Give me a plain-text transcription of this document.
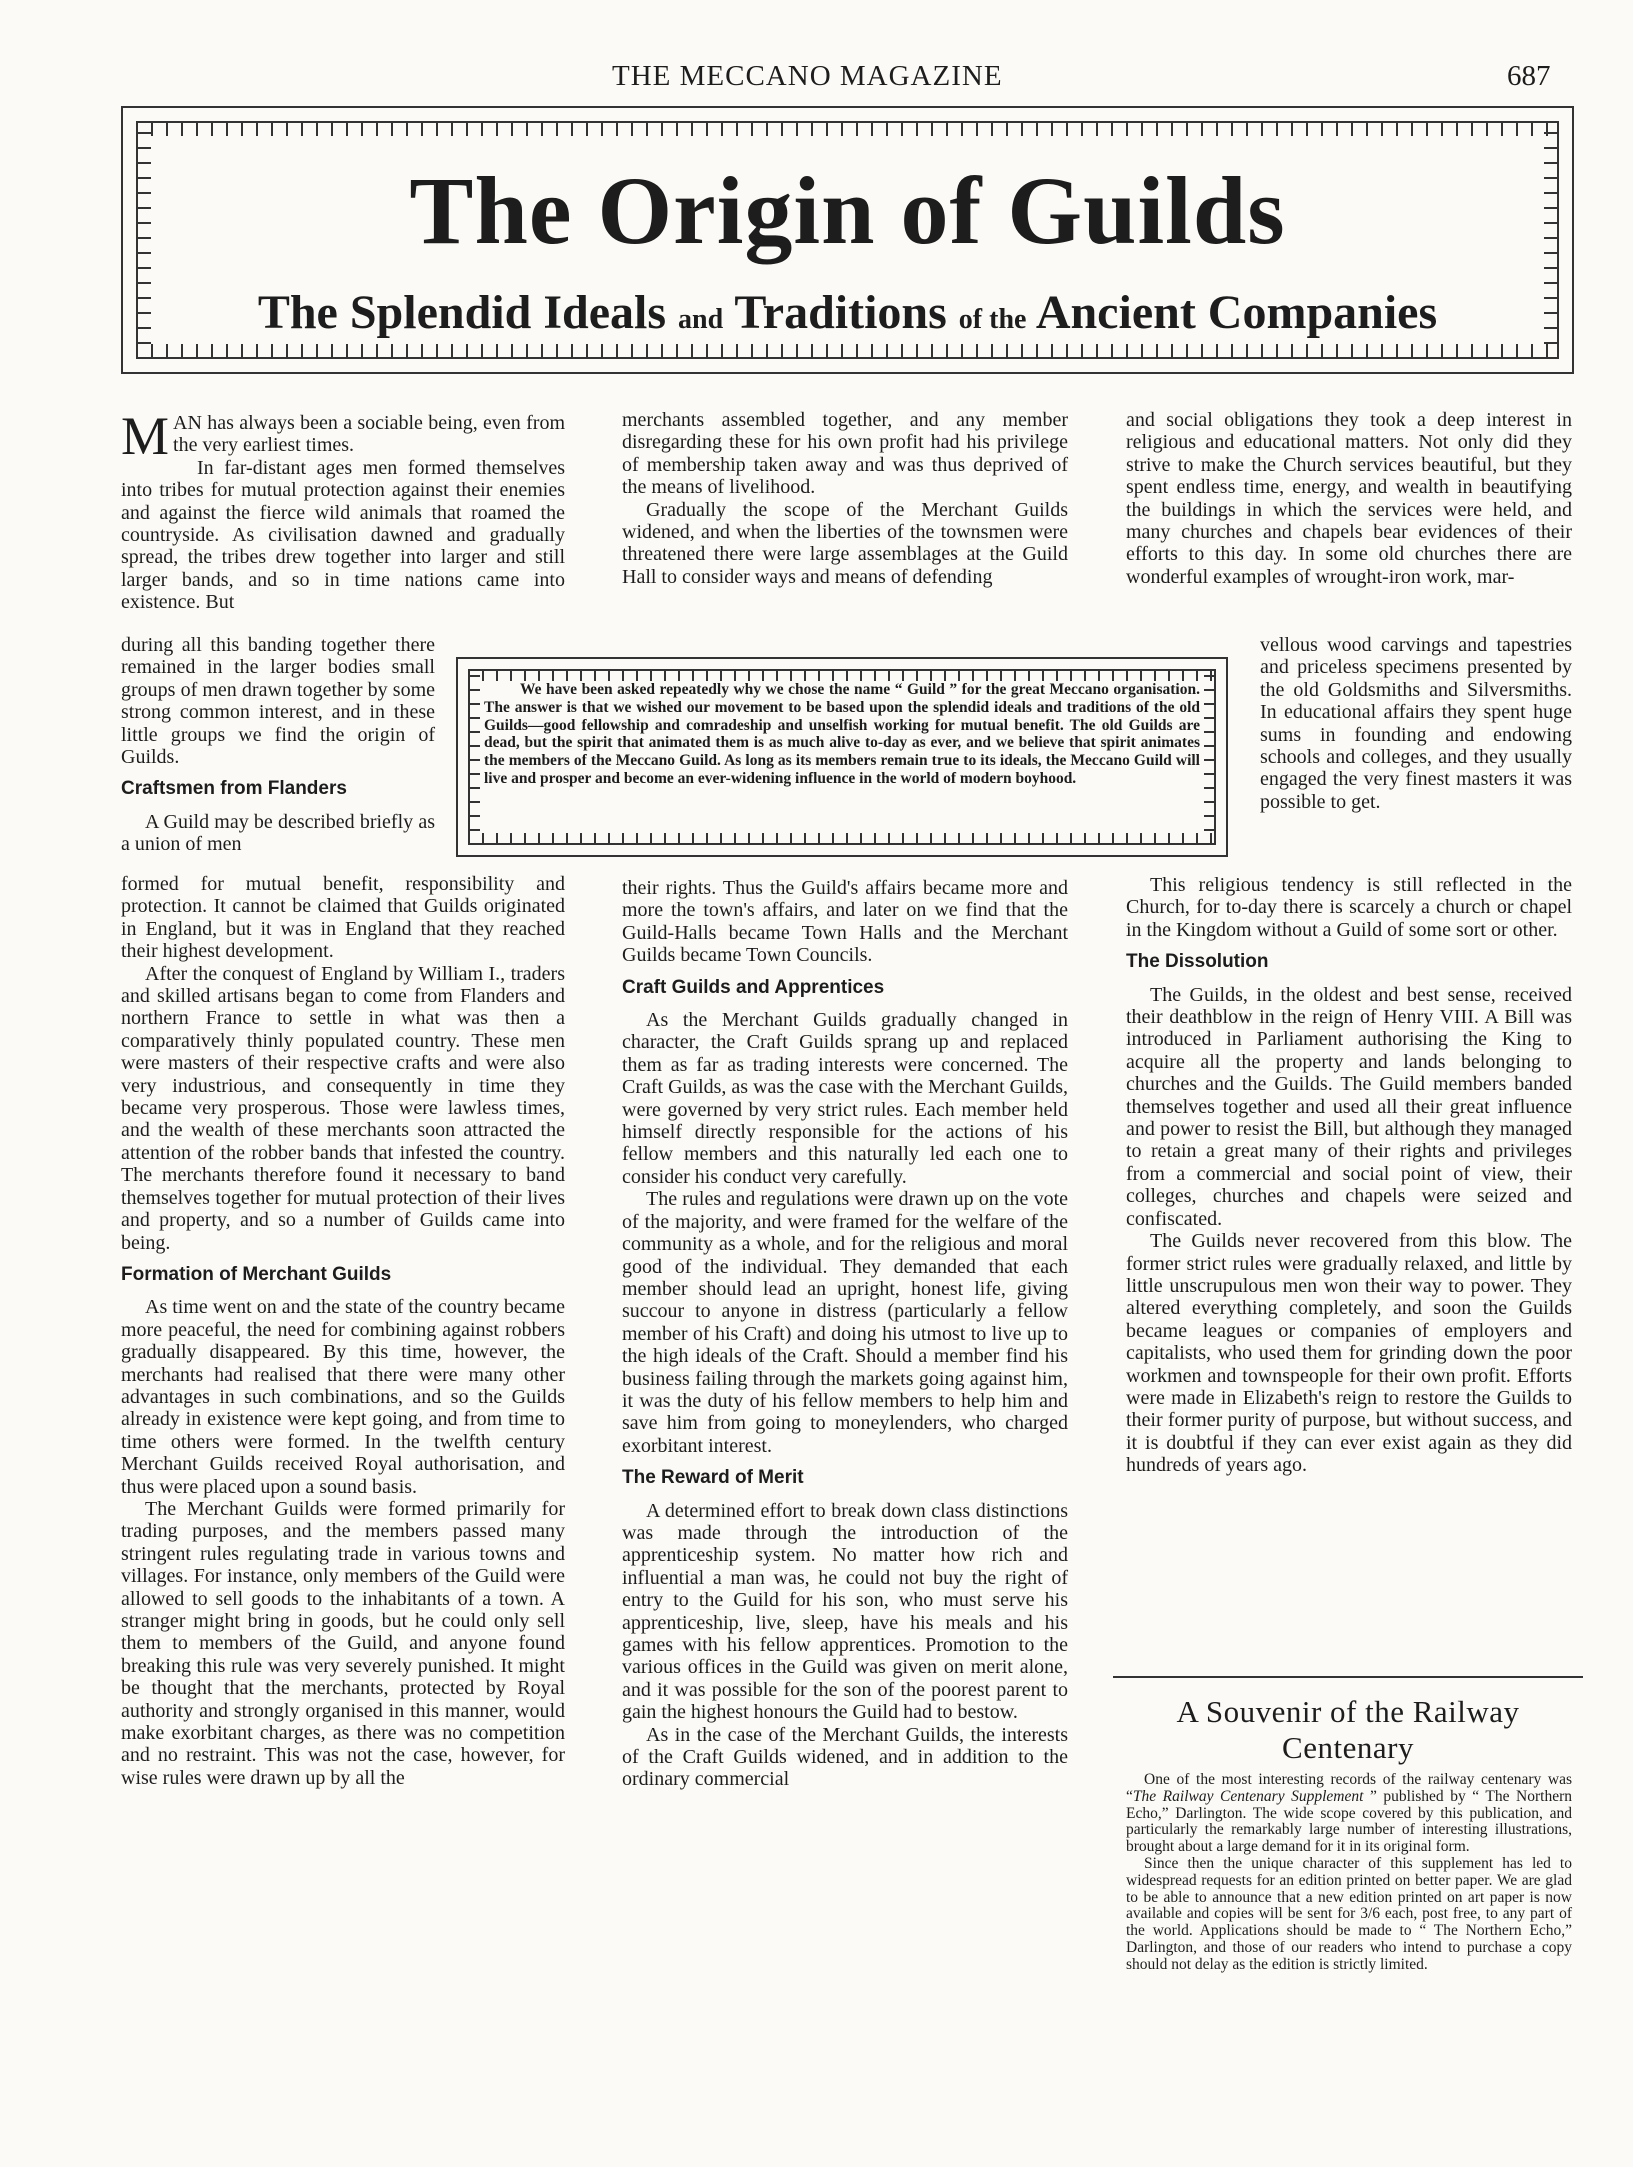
THE MECCANO MAGAZINE	687
The Origin of Guilds
The Splendid Ideals and Traditions of the Ancient Companies

MAN has always been a sociable being, even from the very earliest times.

In far-distant ages men formed themselves into tribes for mutual protection against their enemies and against the fierce wild animals that roamed the countryside. As civilisation dawned and gradually spread, the tribes drew together into larger and still larger bands, and so in time nations came into existence. But

during all this banding together there remained in the larger bodies small groups of men drawn together by some strong common interest, and in these little groups we find the origin of Guilds.

Craftsmen from Flanders

A Guild may be described briefly as a union of men

formed for mutual benefit, responsibility and protection. It cannot be claimed that Guilds originated in England, but it was in England that they reached their highest development.

After the conquest of England by William I., traders and skilled artisans began to come from Flanders and northern France to settle in what was then a comparatively thinly populated country. These men were masters of their respective crafts and were also very industrious, and consequently in time they became very prosperous. Those were lawless times, and the wealth of these merchants soon attracted the attention of the robber bands that infested the country. The merchants therefore found it necessary to band themselves together for mutual protection of their lives and property, and so a number of Guilds came into being.

Formation of Merchant Guilds

As time went on and the state of the country became more peaceful, the need for combining against robbers gradually disappeared. By this time, however, the merchants had realised that there were many other advantages in such combinations, and so the Guilds already in existence were kept going, and from time to time others were formed. In the twelfth century Merchant Guilds received Royal authorisation, and thus were placed upon a sound basis.

The Merchant Guilds were formed primarily for trading purposes, and the members passed many stringent rules regulating trade in various towns and villages. For instance, only members of the Guild were allowed to sell goods to the inhabitants of a town. A stranger might bring in goods, but he could only sell them to members of the Guild, and anyone found breaking this rule was very severely punished. It might be thought that the merchants, protected by Royal authority and strongly organised in this manner, would make exorbitant charges, as there was no competition and no restraint. This was not the case, however, for wise rules were drawn up by all the

merchants assembled together, and any member disregarding these for his own profit had his privilege of membership taken away and was thus deprived of the means of livelihood.

Gradually the scope of the Merchant Guilds widened, and when the liberties of the townsmen were threatened there were large assemblages at the Guild Hall to consider ways and means of defending

We have been asked repeatedly why we chose the name “ Guild ” for the great Meccano organisation. The answer is that we wished our movement to be based upon the splendid ideals and traditions of the old Guilds—good fellowship and comradeship and unselfish working for mutual benefit. The old Guilds are dead, but the spirit that animated them is as much alive to-day as ever, and we believe that spirit animates the members of the Meccano Guild. As long as its members remain true to its ideals, the Meccano Guild will live and prosper and become an ever-widening influence in the world of modern boyhood.

their rights. Thus the Guild's affairs became more and more the town's affairs, and later on we find that the Guild-Halls became Town Halls and the Merchant Guilds became Town Councils.

Craft Guilds and Apprentices

As the Merchant Guilds gradually changed in character, the Craft Guilds sprang up and replaced them as far as trading interests were concerned. The Craft Guilds, as was the case with the Merchant Guilds, were governed by very strict rules. Each member held himself directly responsible for the actions of his fellow members and this naturally led each one to consider his conduct very carefully.

The rules and regulations were drawn up on the vote of the majority, and were framed for the welfare of the community as a whole, and for the religious and moral good of the individual. They demanded that each member should lead an upright, honest life, giving succour to anyone in distress (particularly a fellow member of his Craft) and doing his utmost to live up to the high ideals of the Craft. Should a member find his business failing through the markets going against him, it was the duty of his fellow members to help him and save him from going to moneylenders, who charged exorbitant interest.

The Reward of Merit

A determined effort to break down class distinctions was made through the introduction of the apprenticeship system. No matter how rich and influential a man was, he could not buy the right of entry to the Guild for his son, who must serve his apprenticeship, live, sleep, have his meals and his games with his fellow apprentices. Promotion to the various offices in the Guild was given on merit alone, and it was possible for the son of the poorest parent to gain the highest honours the Guild had to bestow.

As in the case of the Merchant Guilds, the interests of the Craft Guilds widened, and in addition to the ordinary commercial

and social obligations they took a deep interest in religious and educational matters. Not only did they strive to make the Church services beautiful, but they spent endless time, energy, and wealth in beautifying the buildings in which the services were held, and many churches and chapels bear evidences of their efforts to this day. In some old churches there are wonderful examples of wrought-iron work, mar-

vellous wood carvings and tapestries and priceless specimens presented by the old Goldsmiths and Silversmiths. In educational affairs they spent huge sums in founding and endowing schools and colleges, and they usually engaged the very finest masters it was possible to get.

This religious tendency is still reflected in the Church, for to-day there is scarcely a church or chapel in the Kingdom without a Guild of some sort or other.

The Dissolution

The Guilds, in the oldest and best sense, received their deathblow in the reign of Henry VIII. A Bill was introduced in Parliament authorising the King to acquire all the property and lands belonging to churches and the Guilds. The Guild members banded themselves together and used all their great influence and power to resist the Bill, but although they managed to retain a great many of their rights and privileges from a commercial and social point of view, their colleges, churches and chapels were seized and confiscated.

The Guilds never recovered from this blow. The former strict rules were gradually relaxed, and little by little unscrupulous men won their way to power. They altered everything completely, and soon the Guilds became leagues or companies of employers and capitalists, who used them for grinding down the poor workmen and townspeople for their own profit. Efforts were made in Elizabeth's reign to restore the Guilds to their former purity of purpose, but without success, and it is doubtful if they can ever exist again as they did hundreds of years ago.

A Souvenir of the Railway Centenary

One of the most interesting records of the railway centenary was “The Railway Centenary Supplement ” published by “ The Northern Echo,” Darlington. The wide scope covered by this publication, and particularly the remarkably large number of interesting illustrations, brought about a large demand for it in its original form.

Since then the unique character of this supplement has led to widespread requests for an edition printed on better paper. We are glad to be able to announce that a new edition printed on art paper is now available and copies will be sent for 3/6 each, post free, to any part of the world. Applications should be made to “ The Northern Echo,” Darlington, and those of our readers who intend to purchase a copy should not delay as the edition is strictly limited.
